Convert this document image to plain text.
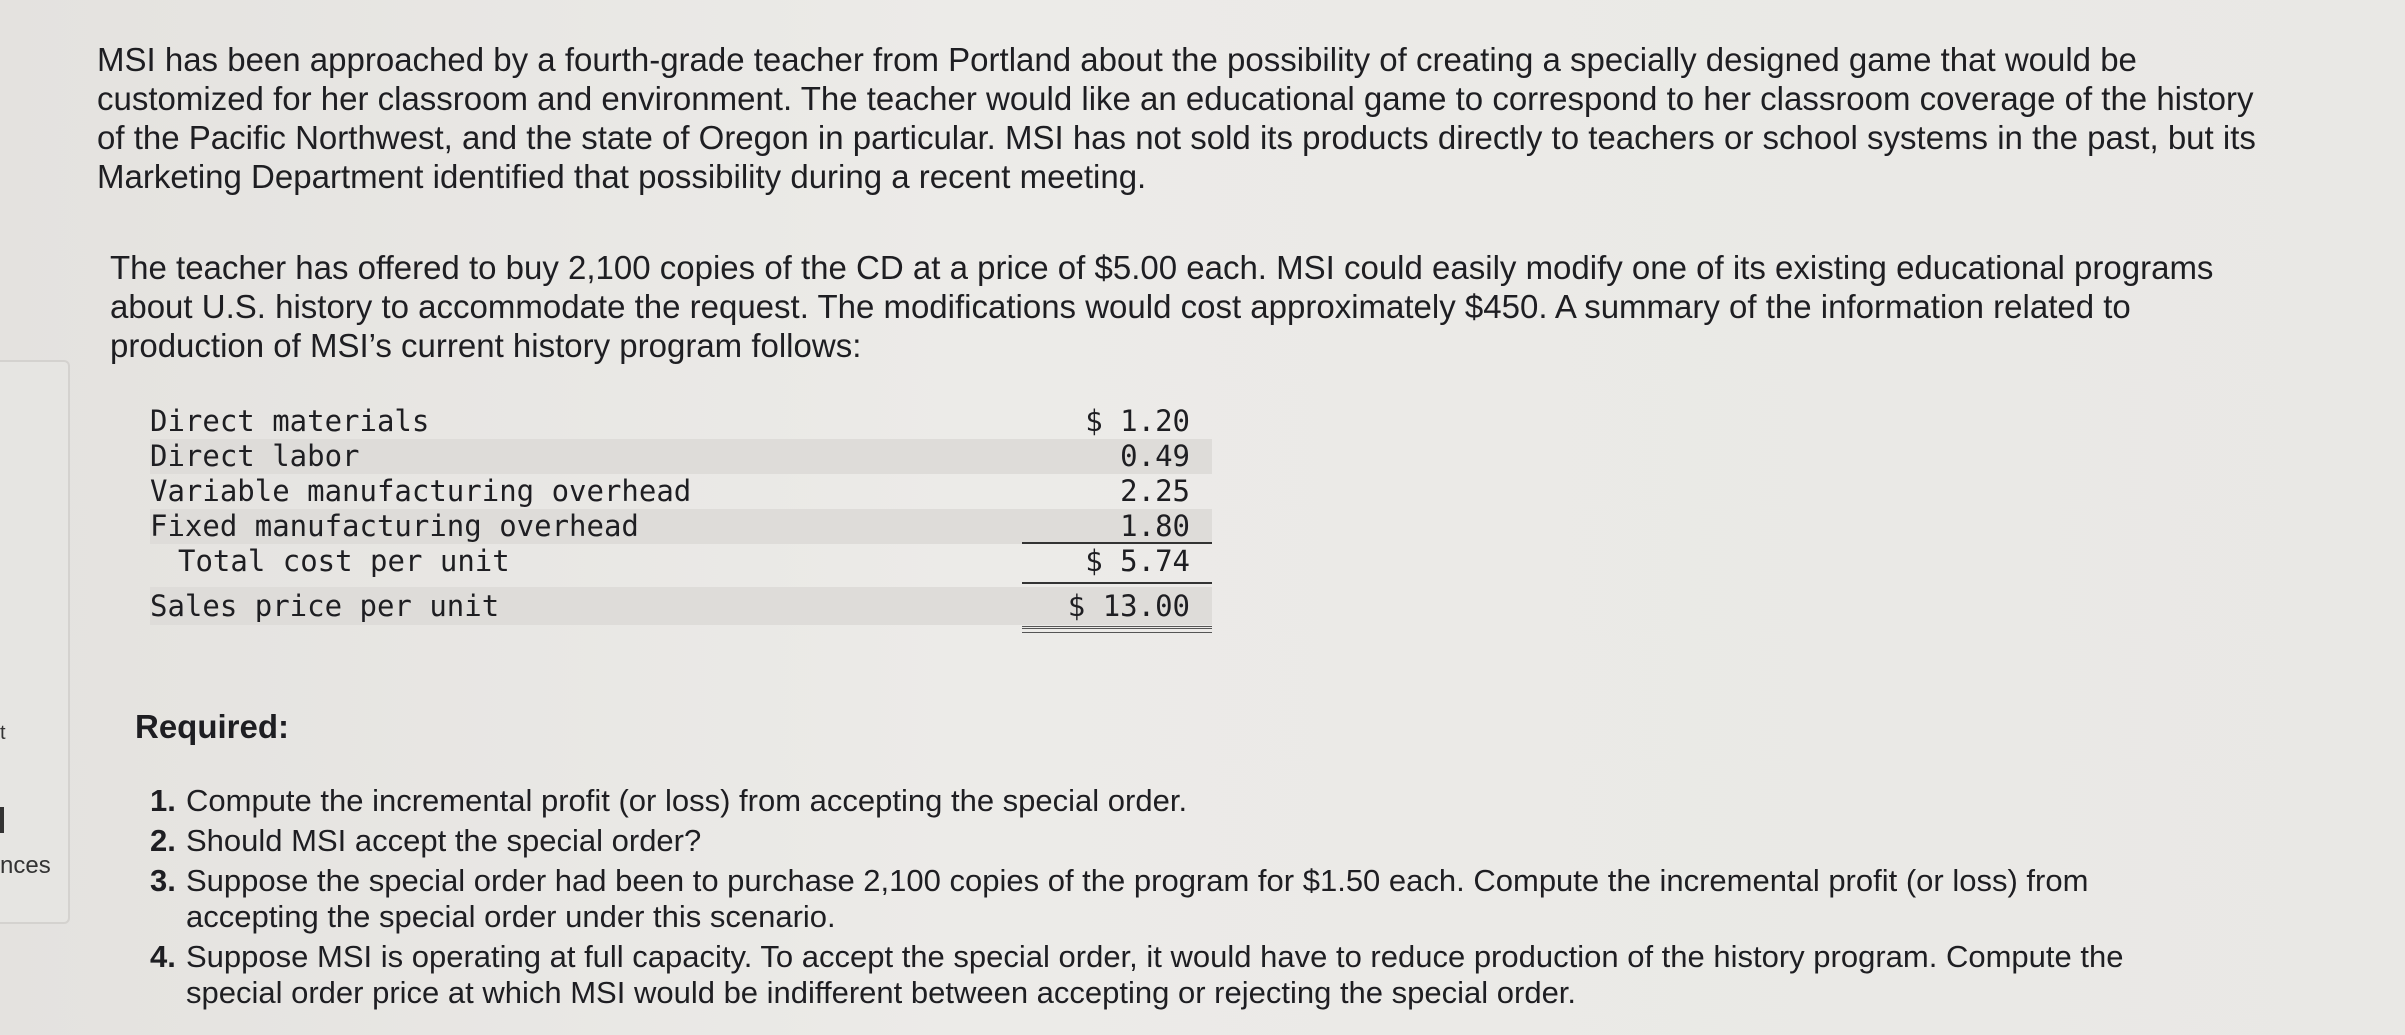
t
nces

MSI has been approached by a fourth-grade teacher from Portland about the possibility of creating a specially designed game that would be customized for her classroom and environment. The teacher would like an educational game to correspond to her classroom coverage of the history of the Pacific Northwest, and the state of Oregon in particular. MSI has not sold its products directly to teachers or school systems in the past, but its Marketing Department identified that possibility during a recent meeting.

The teacher has offered to buy 2,100 copies of the CD at a price of $5.00 each. MSI could easily modify one of its existing educational programs about U.S. history to accommodate the request. The modifications would cost approximately $450. A summary of the information related to production of MSI’s current history program follows:

Direct materials	$ 1.20
Direct labor	0.49
Variable manufacturing overhead	2.25
Fixed manufacturing overhead	1.80
Total cost per unit	$ 5.74
Sales price per unit	$ 13.00
Required:
1. Compute the incremental profit (or loss) from accepting the special order.
2. Should MSI accept the special order?
3. Suppose the special order had been to purchase 2,100 copies of the program for $1.50 each. Compute the incremental profit (or loss) from accepting the special order under this scenario.
4. Suppose MSI is operating at full capacity. To accept the special order, it would have to reduce production of the history program. Compute the special order price at which MSI would be indifferent between accepting or rejecting the special order.
